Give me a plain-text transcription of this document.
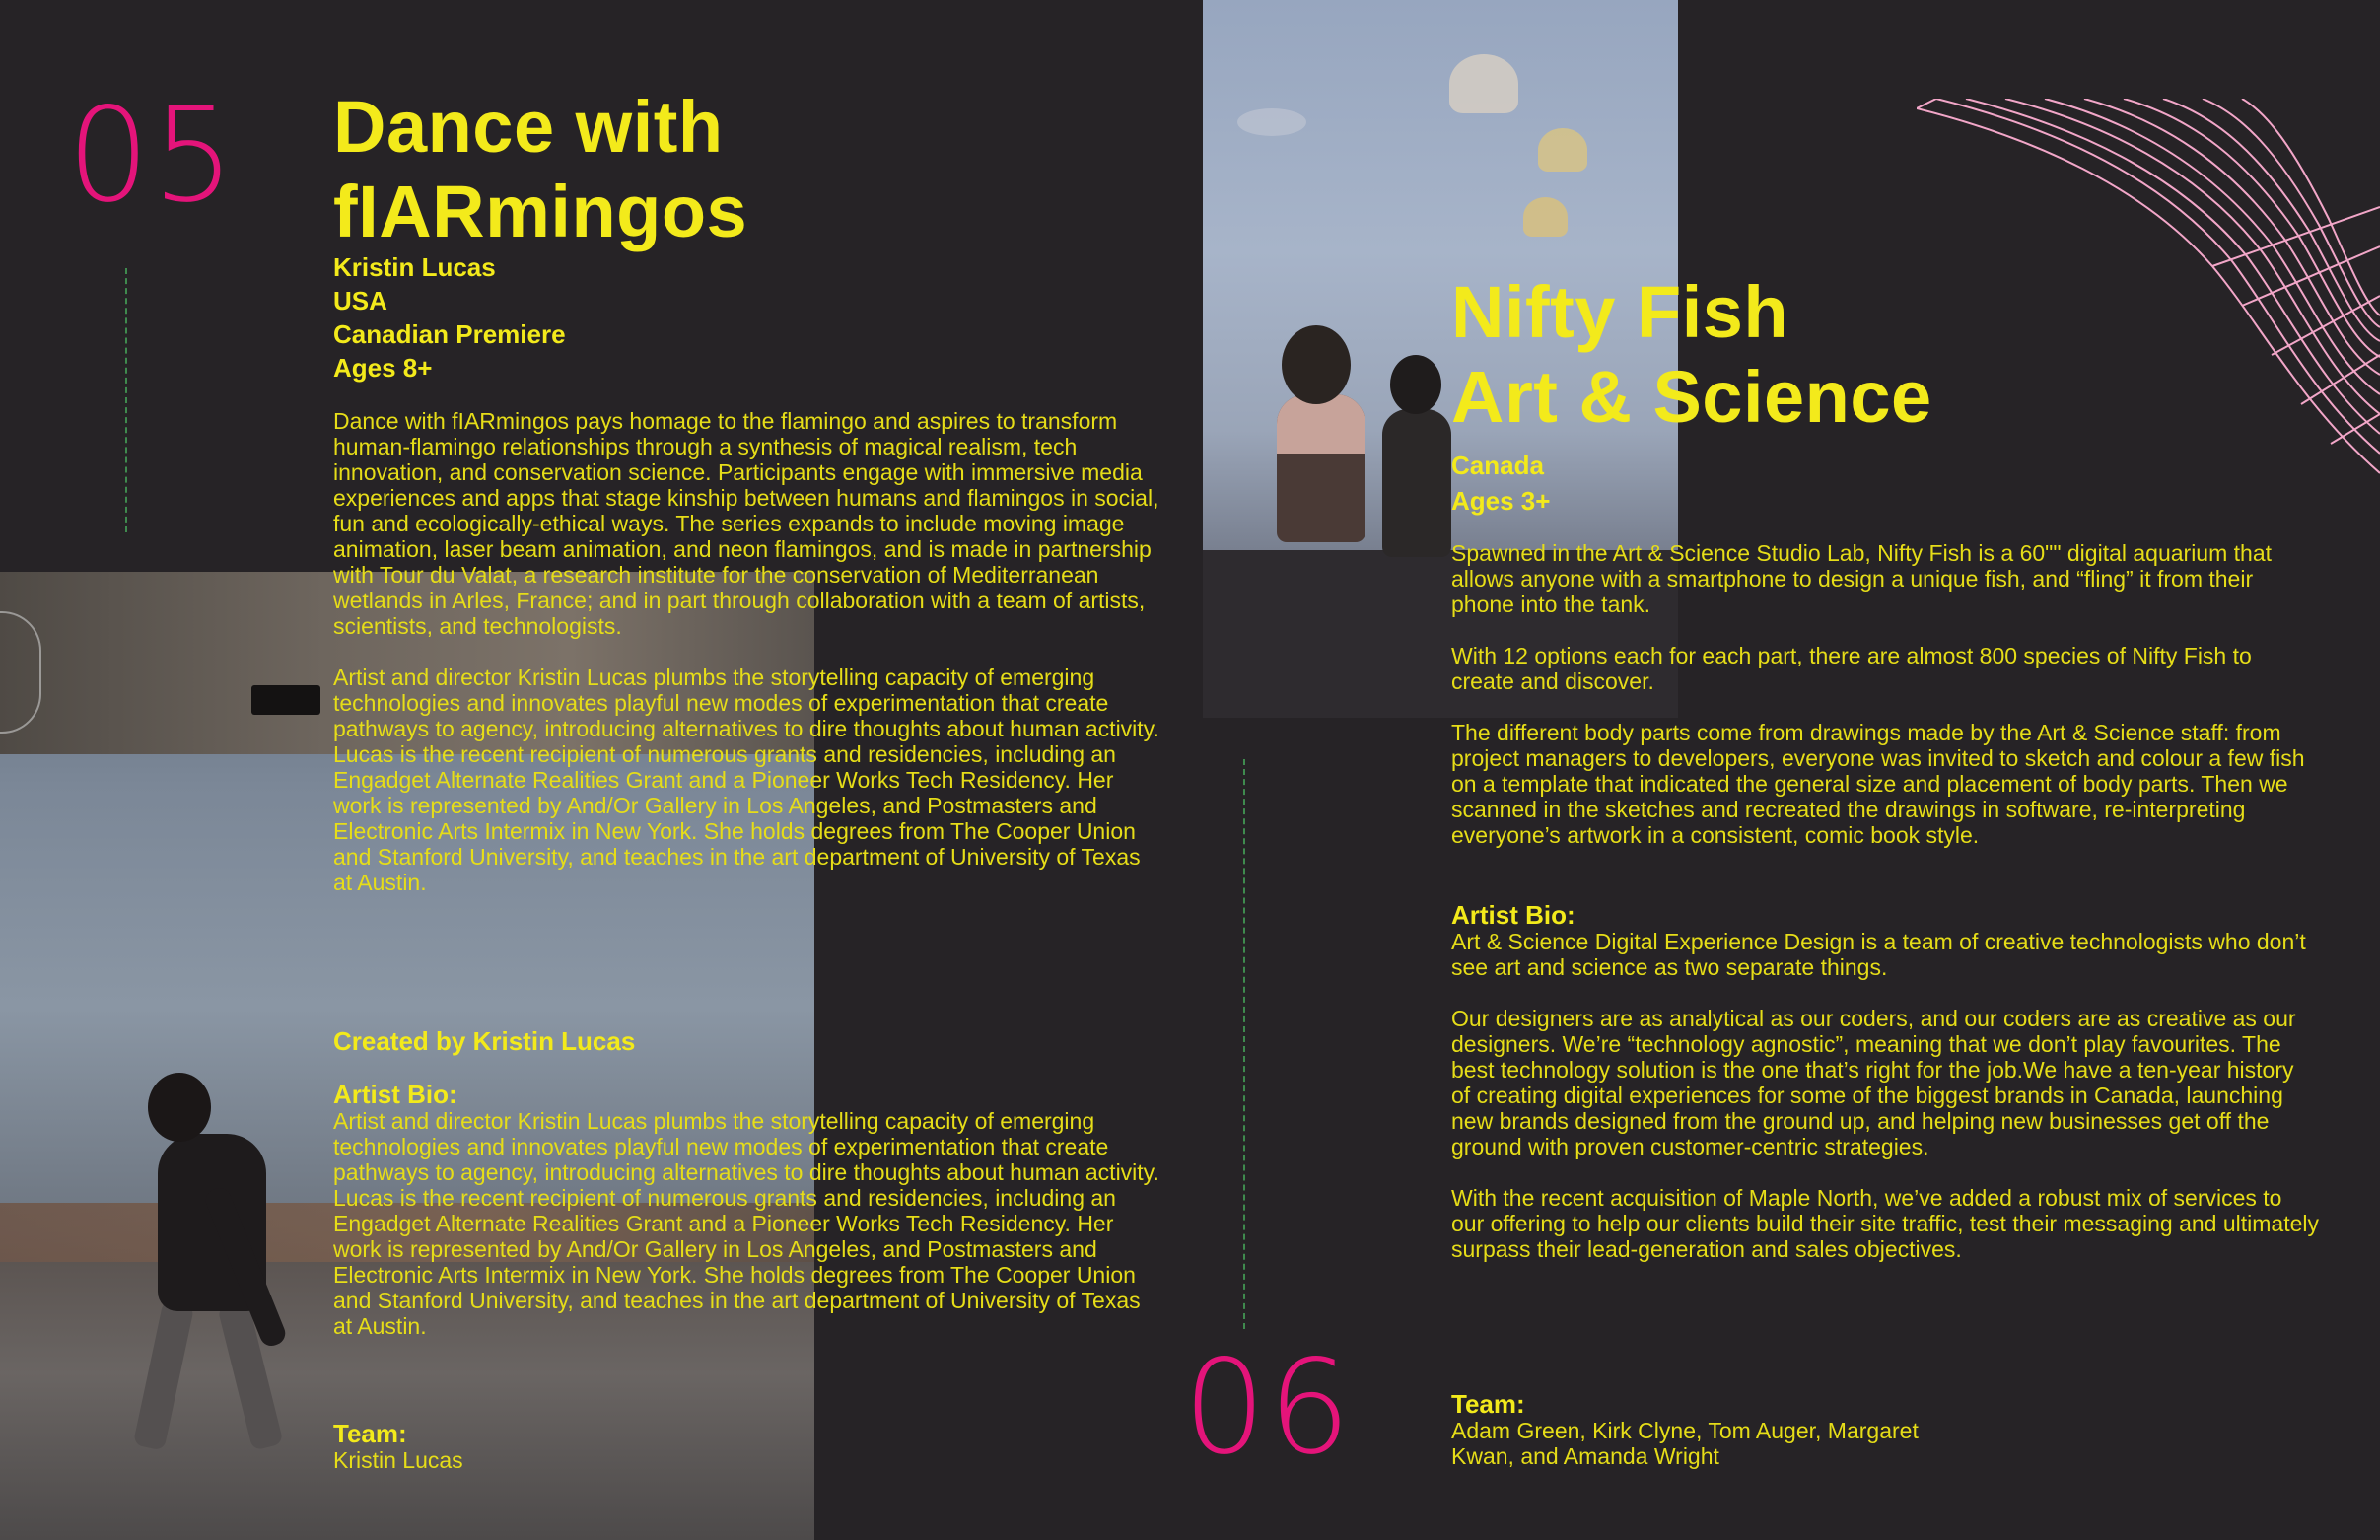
05 Dance with
fIARmingos
Kristin Lucas
USA
Canadian Premiere
Ages 8+

Dance with fIARmingos pays homage to the flamingo and aspires to transform human-flamingo relationships through a synthesis of magical realism, tech innovation, and conservation science. Participants engage with immersive media experiences and apps that stage kinship between humans and flamingos in social, fun and ecologically-ethical ways. The series expands to include moving image animation, laser beam animation, and neon flamingos, and is made in partnership with Tour du Valat, a research institute for the conservation of Mediterranean wetlands in Arles, France; and in part through collaboration with a team of artists, scientists, and technologists.

Artist and director Kristin Lucas plumbs the storytelling capacity of emerging technologies and innovates playful new modes of experimentation that create pathways to agency, introducing alternatives to dire thoughts about human activity. Lucas is the recent recipient of numerous grants and residencies, including an Engadget Alternate Realities Grant and a Pioneer Works Tech Residency. Her work is represented by And/Or Gallery in Los Angeles, and Postmasters and Electronic Arts Intermix in New York. She holds degrees from The Cooper Union and Stanford University, and teaches in the art department of University of Texas at Austin.

Created by Kristin Lucas
Artist Bio:
Artist and director Kristin Lucas plumbs the storytelling capacity of emerging technologies and innovates playful new modes of experimentation that create pathways to agency, introducing alternatives to dire thoughts about human activity. Lucas is the recent recipient of numerous grants and residencies, including an Engadget Alternate Realities Grant and a Pioneer Works Tech Residency. Her work is represented by And/Or Gallery in Los Angeles, and Postmasters and Electronic Arts Intermix in New York. She holds degrees from The Cooper Union and Stanford University, and teaches in the art department of University of Texas at Austin.
Team:
Kristin Lucas	06
Nifty Fish
Art & Science
Canada
Ages 3+

Spawned in the Art & Science Studio Lab, Nifty Fish is a 60"" digital aquarium that allows anyone with a smartphone to design a unique fish, and “fling” it from their phone into the tank.

With 12 options each for each part, there are almost 800 species of Nifty Fish to create and discover.

The different body parts come from drawings made by the Art & Science staff: from project managers to developers, everyone was invited to sketch and colour a few fish on a template that indicated the general size and placement of body parts. Then we scanned in the sketches and recreated the drawings in software, re-interpreting everyone’s artwork in a consistent, comic book style.

Artist Bio:

Art & Science Digital Experience Design is a team of creative technologists who don’t see art and science as two separate things.

Our designers are as analytical as our coders, and our coders are as creative as our designers. We’re “technology agnostic”, meaning that we don’t play favourites. The best technology solution is the one that’s right for the job.We have a ten-year history of creating digital experiences for some of the biggest brands in Canada, launching new brands designed from the ground up, and helping new businesses get off the ground with proven customer-centric strategies.

With the recent acquisition of Maple North, we’ve added a robust mix of services to our offering to help our clients build their site traffic, test their messaging and ultimately surpass their lead-generation and sales objectives.

Team:
Adam Green, Kirk Clyne, Tom Auger, Margaret Kwan, and Amanda Wright
